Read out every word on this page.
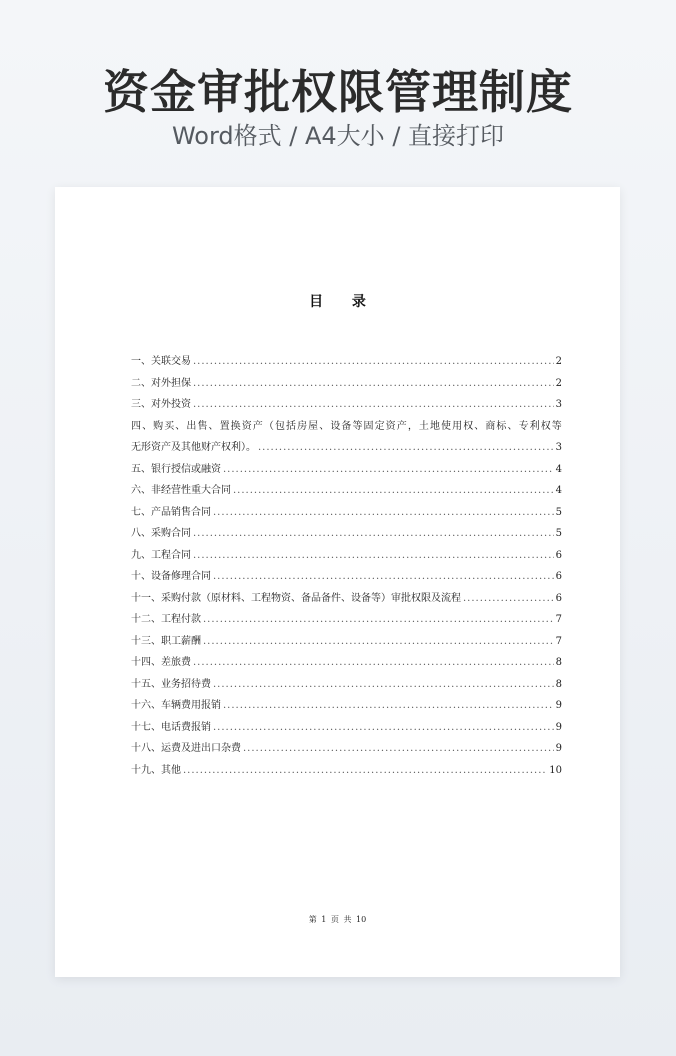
资金审批权限管理制度
Word格式 / A4大小 / 直接打印
目 录
一、关联交易 .....	2
二、对外担保 .....	2
三、对外投资 .....	3
四、购买、出售、置换资产（包括房屋、设备等固定资产，土地使用权、商标、专利权等
无形资产及其他财产权利）。 .....	3
五、银行授信或融资 .....	4
六、非经营性重大合同 .....	4
七、产品销售合同 .....	5
八、采购合同 .....	5
九、工程合同 .....	6
十、设备修理合同 .....	6
十一、采购付款（原材料、工程物资、备品备件、设备等）审批权限及流程 .....	6
十二、工程付款 .....	7
十三、职工薪酬 .....	7
十四、差旅费 .....	8
十五、业务招待费 .....	8
十六、车辆费用报销 .....	9
十七、电话费报销 .....	9
十八、运费及进出口杂费 .....	9
十九、其他 .....	10
第 1 页 共 10
